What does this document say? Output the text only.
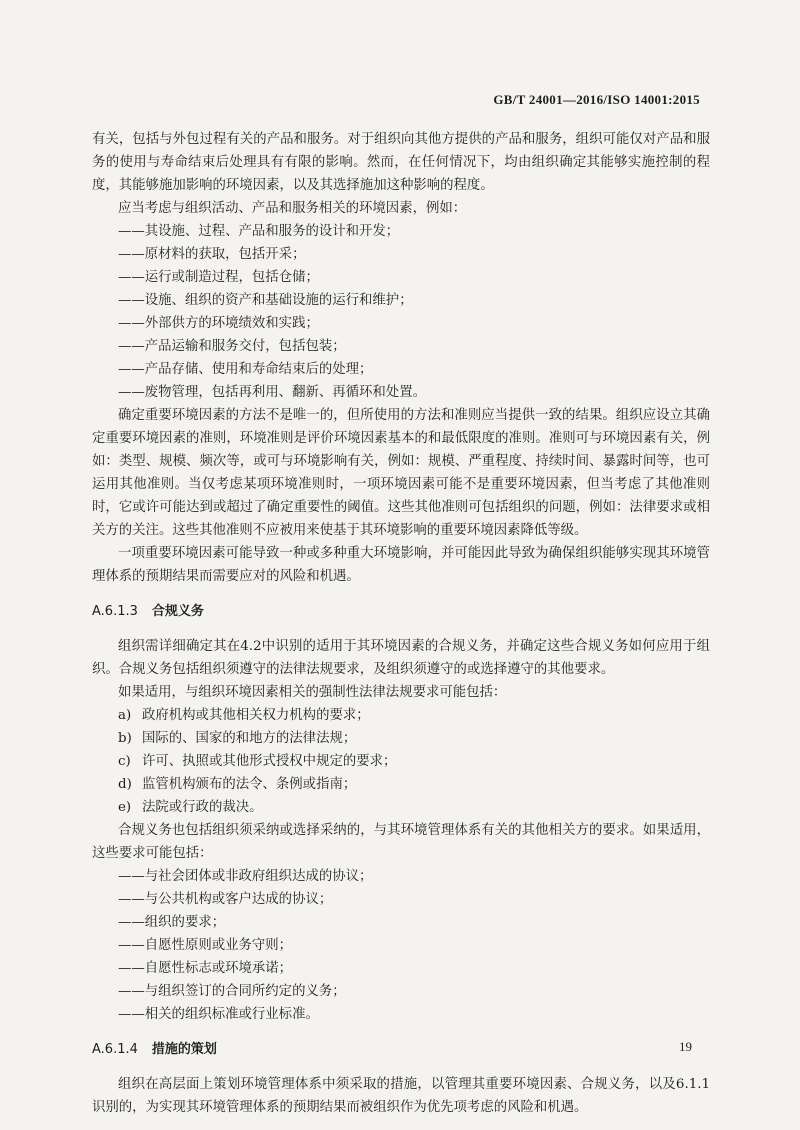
GB/T 24001—2016/ISO 14001:2015

有关，包括与外包过程有关的产品和服务。对于组织向其他方提供的产品和服务，组织可能仅对产品和服务的使用与寿命结束后处理具有有限的影响。然而，在任何情况下，均由组织确定其能够实施控制的程度，其能够施加影响的环境因素，以及其选择施加这种影响的程度。

应当考虑与组织活动、产品和服务相关的环境因素，例如：

——其设施、过程、产品和服务的设计和开发；

——原材料的获取，包括开采；

——运行或制造过程，包括仓储；

——设施、组织的资产和基础设施的运行和维护；

——外部供方的环境绩效和实践；

——产品运输和服务交付，包括包装；

——产品存储、使用和寿命结束后的处理；

——废物管理，包括再利用、翻新、再循环和处置。

确定重要环境因素的方法不是唯一的，但所使用的方法和准则应当提供一致的结果。组织应设立其确定重要环境因素的准则，环境准则是评价环境因素基本的和最低限度的准则。准则可与环境因素有关，例如：类型、规模、频次等，或可与环境影响有关，例如：规模、严重程度、持续时间、暴露时间等，也可运用其他准则。当仅考虑某项环境准则时，一项环境因素可能不是重要环境因素，但当考虑了其他准则时，它或许可能达到或超过了确定重要性的阈值。这些其他准则可包括组织的问题，例如：法律要求或相关方的关注。这些其他准则不应被用来使基于其环境影响的重要环境因素降低等级。

一项重要环境因素可能导致一种或多种重大环境影响，并可能因此导致为确保组织能够实现其环境管理体系的预期结果而需要应对的风险和机遇。

A.6.1.3 合规义务

组织需详细确定其在4.2中识别的适用于其环境因素的合规义务，并确定这些合规义务如何应用于组织。合规义务包括组织须遵守的法律法规要求，及组织须遵守的或选择遵守的其他要求。

如果适用，与组织环境因素相关的强制性法律法规要求可能包括：

a) 政府机构或其他相关权力机构的要求；
b) 国际的、国家的和地方的法律法规；
c) 许可、执照或其他形式授权中规定的要求；
d) 监管机构颁布的法令、条例或指南；
e) 法院或行政的裁决。

合规义务也包括组织须采纳或选择采纳的，与其环境管理体系有关的其他相关方的要求。如果适用，这些要求可能包括：

——与社会团体或非政府组织达成的协议；

——与公共机构或客户达成的协议；

——组织的要求；

——自愿性原则或业务守则；

——自愿性标志或环境承诺；

——与组织签订的合同所约定的义务；

——相关的组织标准或行业标准。

A.6.1.4 措施的策划

组织在高层面上策划环境管理体系中须采取的措施，以管理其重要环境因素、合规义务，以及6.1.1识别的，为实现其环境管理体系的预期结果而被组织作为优先项考虑的风险和机遇。

19
